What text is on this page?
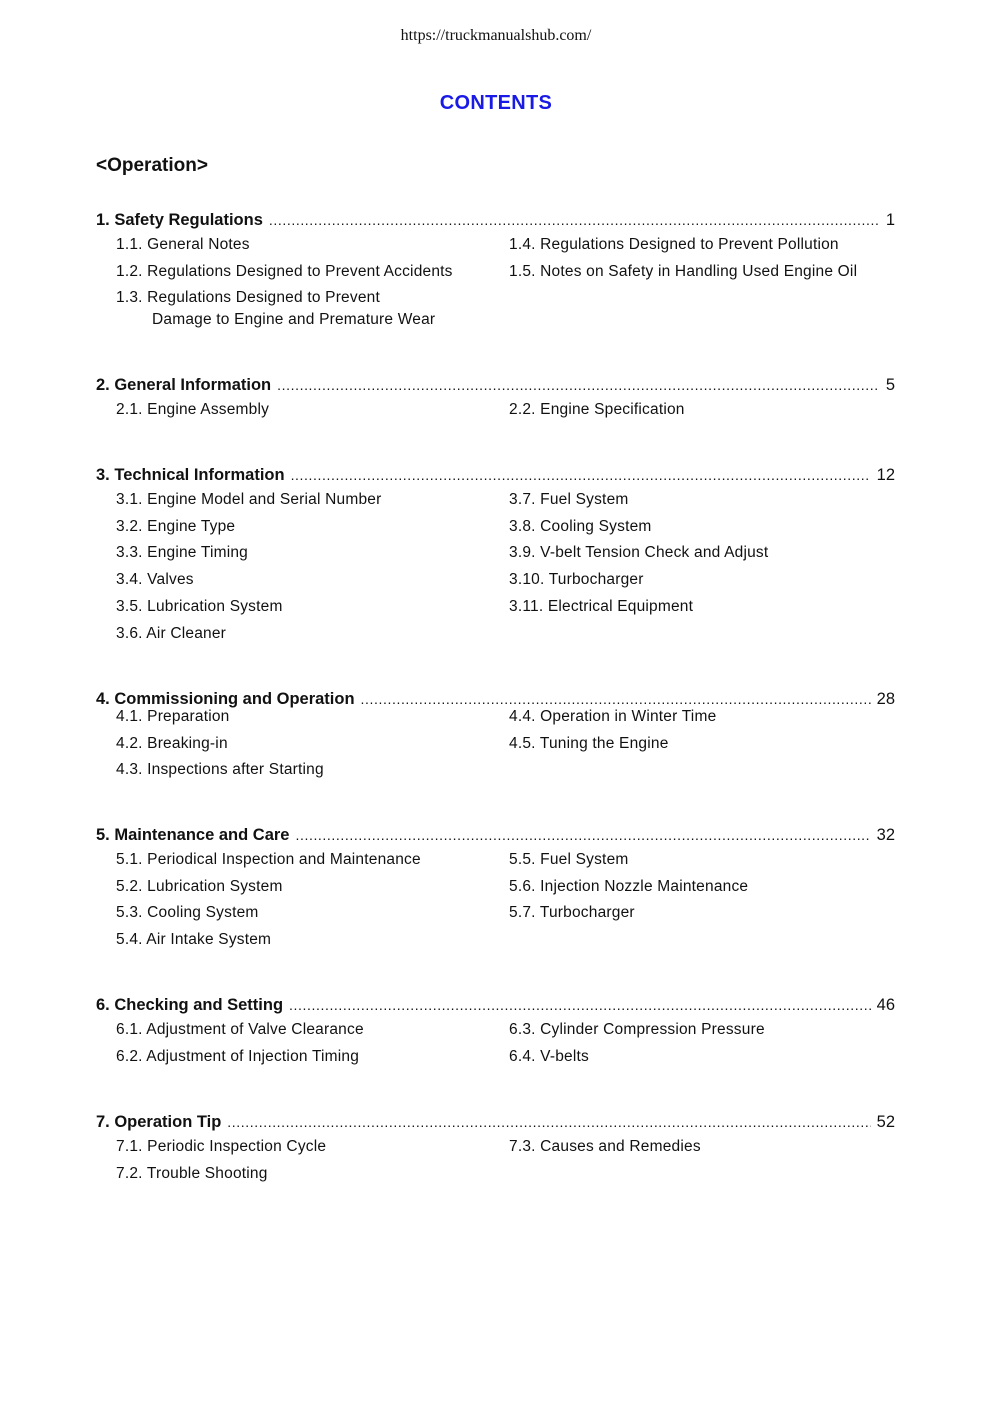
https://truckmanualshub.com/
CONTENTS
<Operation>
1. Safety Regulations .....	1
1.1. General Notes
1.2. Regulations Designed to Prevent Accidents
1.3. Regulations Designed to Prevent
Damage to Engine and Premature Wear
1.4. Regulations Designed to Prevent Pollution
1.5. Notes on Safety in Handling Used Engine Oil
2. General Information .....	5
2.1. Engine Assembly	2.2. Engine Specification
3. Technical Information .....	12
3.1. Engine Model and Serial Number
3.2. Engine Type
3.3. Engine Timing
3.4. Valves
3.5. Lubrication System
3.6. Air Cleaner
3.7. Fuel System
3.8. Cooling System
3.9. V-belt Tension Check and Adjust
3.10. Turbocharger
3.11. Electrical Equipment
4. Commissioning and Operation .....	28
4.1. Preparation
4.2. Breaking-in
4.3. Inspections after Starting
4.4. Operation in Winter Time
4.5. Tuning the Engine
5. Maintenance and Care .....	32
5.1. Periodical Inspection and Maintenance
5.2. Lubrication System
5.3. Cooling System
5.4. Air Intake System
5.5. Fuel System
5.6. Injection Nozzle Maintenance
5.7. Turbocharger
6. Checking and Setting .....	46
6.1. Adjustment of Valve Clearance
6.2. Adjustment of Injection Timing
6.3. Cylinder Compression Pressure
6.4. V-belts
7. Operation Tip .....	52
7.1. Periodic Inspection Cycle
7.2. Trouble Shooting
7.3. Causes and Remedies
